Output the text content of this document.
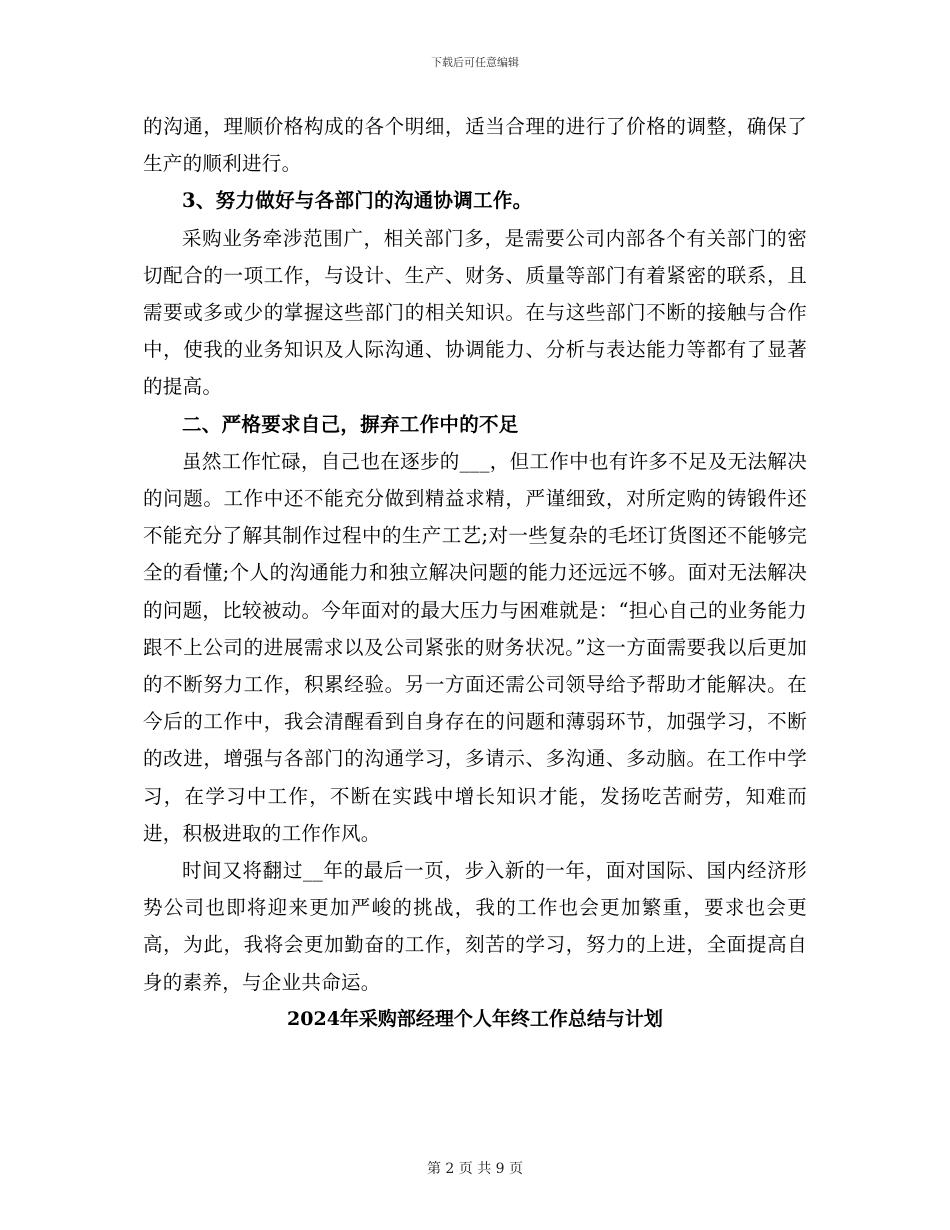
下载后可任意编辑

的沟通，理顺价格构成的各个明细，适当合理的进行了价格的调整，确保了生产的顺利进行。

3、努力做好与各部门的沟通协调工作。

采购业务牵涉范围广，相关部门多，是需要公司内部各个有关部门的密切配合的一项工作，与设计、生产、财务、质量等部门有着紧密的联系，且需要或多或少的掌握这些部门的相关知识。在与这些部门不断的接触与合作中，使我的业务知识及人际沟通、协调能力、分析与表达能力等都有了显著的提高。

二、严格要求自己，摒弃工作中的不足

虽然工作忙碌，自己也在逐步的___，但工作中也有许多不足及无法解决的问题。工作中还不能充分做到精益求精，严谨细致，对所定购的铸锻件还不能充分了解其制作过程中的生产工艺;对一些复杂的毛坯订货图还不能够完全的看懂;个人的沟通能力和独立解决问题的能力还远远不够。面对无法解决的问题，比较被动。今年面对的最大压力与困难就是：“担心自己的业务能力跟不上公司的进展需求以及公司紧张的财务状况。”这一方面需要我以后更加的不断努力工作，积累经验。另一方面还需公司领导给予帮助才能解决。在今后的工作中，我会清醒看到自身存在的问题和薄弱环节，加强学习，不断的改进，增强与各部门的沟通学习，多请示、多沟通、多动脑。在工作中学习，在学习中工作，不断在实践中增长知识才能，发扬吃苦耐劳，知难而进，积极进取的工作作风。

时间又将翻过__年的最后一页，步入新的一年，面对国际、国内经济形势公司也即将迎来更加严峻的挑战，我的工作也会更加繁重，要求也会更高，为此，我将会更加勤奋的工作，刻苦的学习，努力的上进，全面提高自身的素养，与企业共命运。

2024年采购部经理个人年终工作总结与计划

第 2 页 共 9 页
